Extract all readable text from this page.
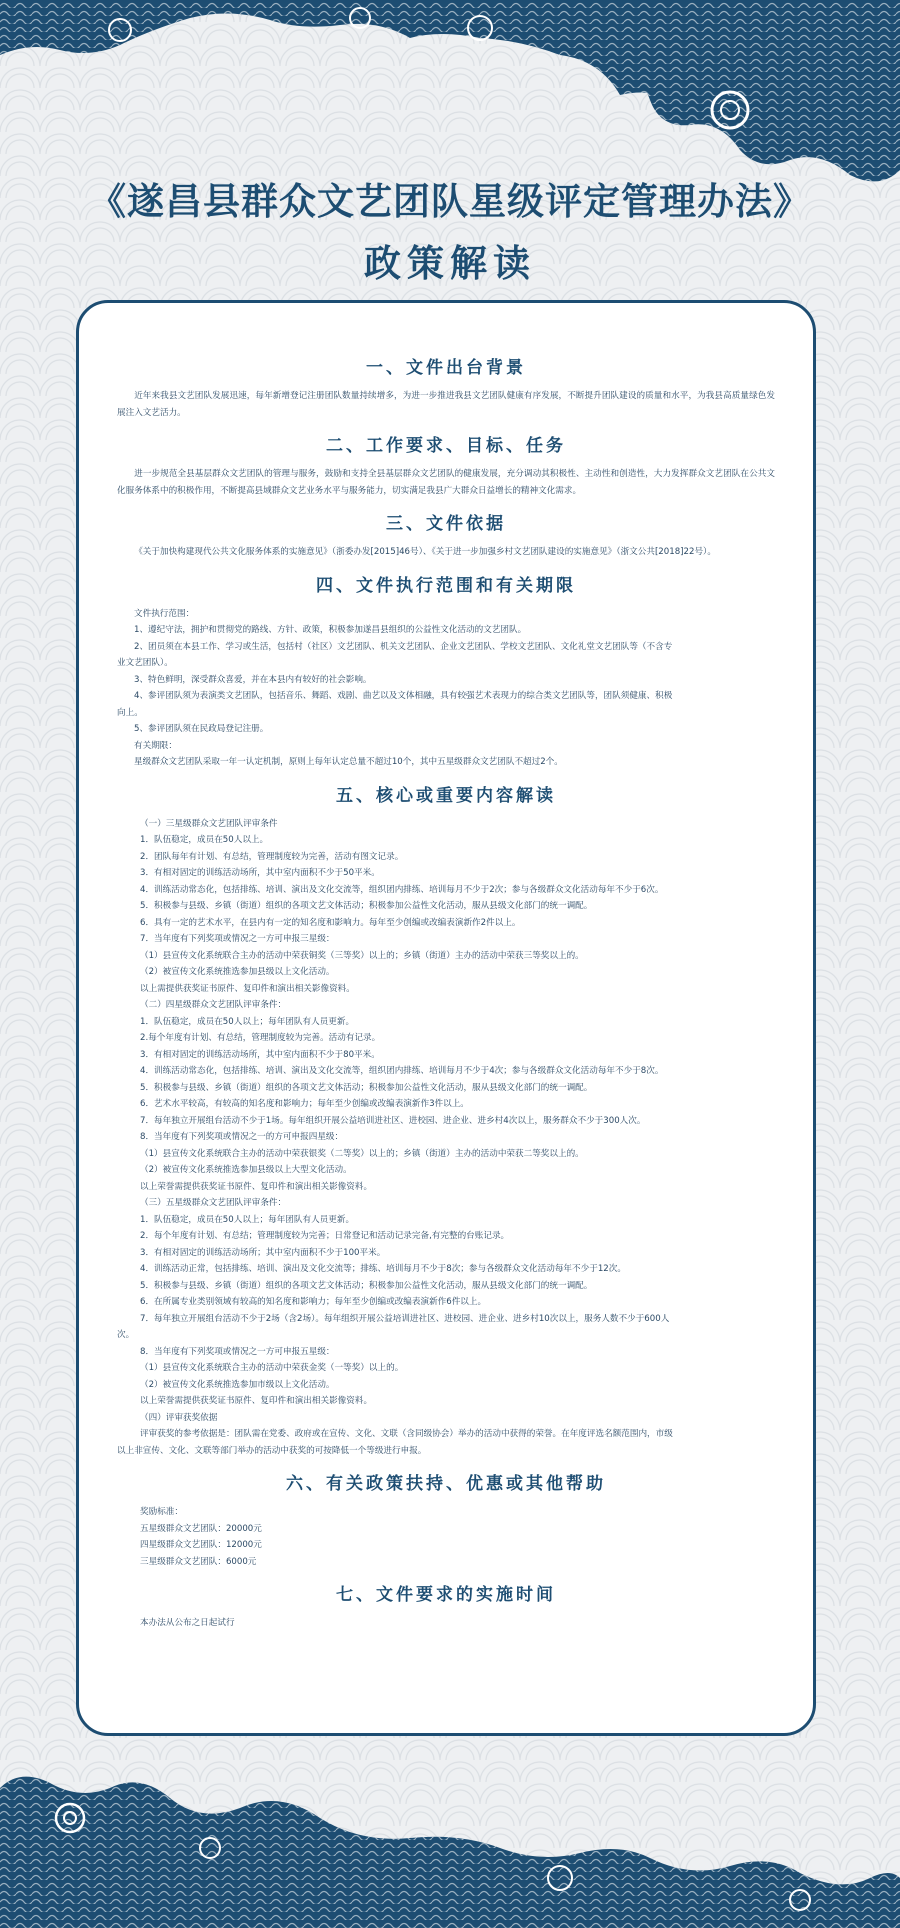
《遂昌县群众文艺团队星级评定管理办法》
政策解读
一、文件出台背景
近年来我县文艺团队发展迅速，每年新增登记注册团队数量持续增多，为进一步推进我县文艺团队健康有序发展，不断提升团队建设的质量和水平，为我县高质量绿色发展注入文艺活力。
二、工作要求、目标、任务
进一步规范全县基层群众文艺团队的管理与服务，鼓励和支持全县基层群众文艺团队的健康发展，充分调动其积极性、主动性和创造性，大力发挥群众文艺团队在公共文化服务体系中的积极作用，不断提高县域群众文艺业务水平与服务能力，切实满足我县广大群众日益增长的精神文化需求。
三、文件依据
《关于加快构建现代公共文化服务体系的实施意见》（浙委办发[2015]46号）、《关于进一步加强乡村文艺团队建设的实施意见》（浙文公共[2018]22号）。
四、文件执行范围和有关期限
文件执行范围：
1、遵纪守法，拥护和贯彻党的路线、方针、政策，积极参加遂昌县组织的公益性文化活动的文艺团队。
2、团员须在本县工作、学习或生活，包括村（社区）文艺团队、机关文艺团队、企业文艺团队、学校文艺团队、文化礼堂文艺团队等（不含专
业文艺团队）。
3、特色鲜明，深受群众喜爱，并在本县内有较好的社会影响。
4、参评团队须为表演类文艺团队，包括音乐、舞蹈、戏剧、曲艺以及文体相融，具有较强艺术表现力的综合类文艺团队等，团队须健康、积极
向上。
5、参评团队须在民政局登记注册。
有关期限：
星级群众文艺团队采取一年一认定机制，原则上每年认定总量不超过10个，其中五星级群众文艺团队不超过2个。
五、核心或重要内容解读
（一）三星级群众文艺团队评审条件
1．队伍稳定，成员在50人以上。
2．团队每年有计划、有总结，管理制度较为完善，活动有图文记录。
3．有相对固定的训练活动场所，其中室内面积不少于50平米。
4．训练活动常态化，包括排练、培训、演出及文化交流等，组织团内排练、培训每月不少于2次；参与各级群众文化活动每年不少于6次。
5．积极参与县级、乡镇（街道）组织的各项文艺文体活动；积极参加公益性文化活动，服从县级文化部门的统一调配。
6．具有一定的艺术水平，在县内有一定的知名度和影响力。每年至少创编或改编表演新作2件以上。
7．当年度有下列奖项或情况之一方可申报三星级：
（1）县宣传文化系统联合主办的活动中荣获铜奖（三等奖）以上的；乡镇（街道）主办的活动中荣获三等奖以上的。
（2）被宣传文化系统推选参加县级以上文化活动。
以上需提供获奖证书原件、复印件和演出相关影像资料。
（二）四星级群众文艺团队评审条件：
1．队伍稳定，成员在50人以上；每年团队有人员更新。
2.每个年度有计划、有总结，管理制度较为完善。活动有记录。
3．有相对固定的训练活动场所，其中室内面积不少于80平米。
4．训练活动常态化，包括排练、培训、演出及文化交流等，组织团内排练、培训每月不少于4次；参与各级群众文化活动每年不少于8次。
5．积极参与县级、乡镇（街道）组织的各项文艺文体活动；积极参加公益性文化活动，服从县级文化部门的统一调配。
6．艺术水平较高，有较高的知名度和影响力；每年至少创编或改编表演新作3件以上。
7．每年独立开展组台活动不少于1场。每年组织开展公益培训进社区、进校园、进企业、进乡村4次以上，服务群众不少于300人次。
8．当年度有下列奖项或情况之一的方可申报四星级：
（1）县宣传文化系统联合主办的活动中荣获银奖（二等奖）以上的；乡镇（街道）主办的活动中荣获二等奖以上的。
（2）被宣传文化系统推选参加县级以上大型文化活动。
以上荣誉需提供获奖证书原件、复印件和演出相关影像资料。
（三）五星级群众文艺团队评审条件：
1．队伍稳定，成员在50人以上；每年团队有人员更新。
2．每个年度有计划、有总结；管理制度较为完善；日常登记和活动记录完备,有完整的台账记录。
3．有相对固定的训练活动场所；其中室内面积不少于100平米。
4．训练活动正常，包括排练、培训、演出及文化交流等；排练、培训每月不少于8次；参与各级群众文化活动每年不少于12次。
5．积极参与县级、乡镇（街道）组织的各项文艺文体活动；积极参加公益性文化活动，服从县级文化部门的统一调配。
6．在所属专业类别领域有较高的知名度和影响力；每年至少创编或改编表演新作6件以上。
7．每年独立开展组台活动不少于2场（含2场）。每年组织开展公益培训进社区、进校园、进企业、进乡村10次以上，服务人数不少于600人
次。
8．当年度有下列奖项或情况之一方可申报五星级：
（1）县宣传文化系统联合主办的活动中荣获金奖（一等奖）以上的。
（2）被宣传文化系统推选参加市级以上文化活动。
以上荣誉需提供获奖证书原件、复印件和演出相关影像资料。
（四）评审获奖依据
评审获奖的参考依据是：团队需在党委、政府或在宣传、文化、文联（含同级协会）举办的活动中获得的荣誉。在年度评选名额范围内，市级
以上非宣传、文化、文联等部门举办的活动中获奖的可按降低一个等级进行申报。
六、有关政策扶持、优惠或其他帮助
奖励标准：
五星级群众文艺团队：20000元
四星级群众文艺团队：12000元
三星级群众文艺团队：6000元
七、文件要求的实施时间
本办法从公布之日起试行
